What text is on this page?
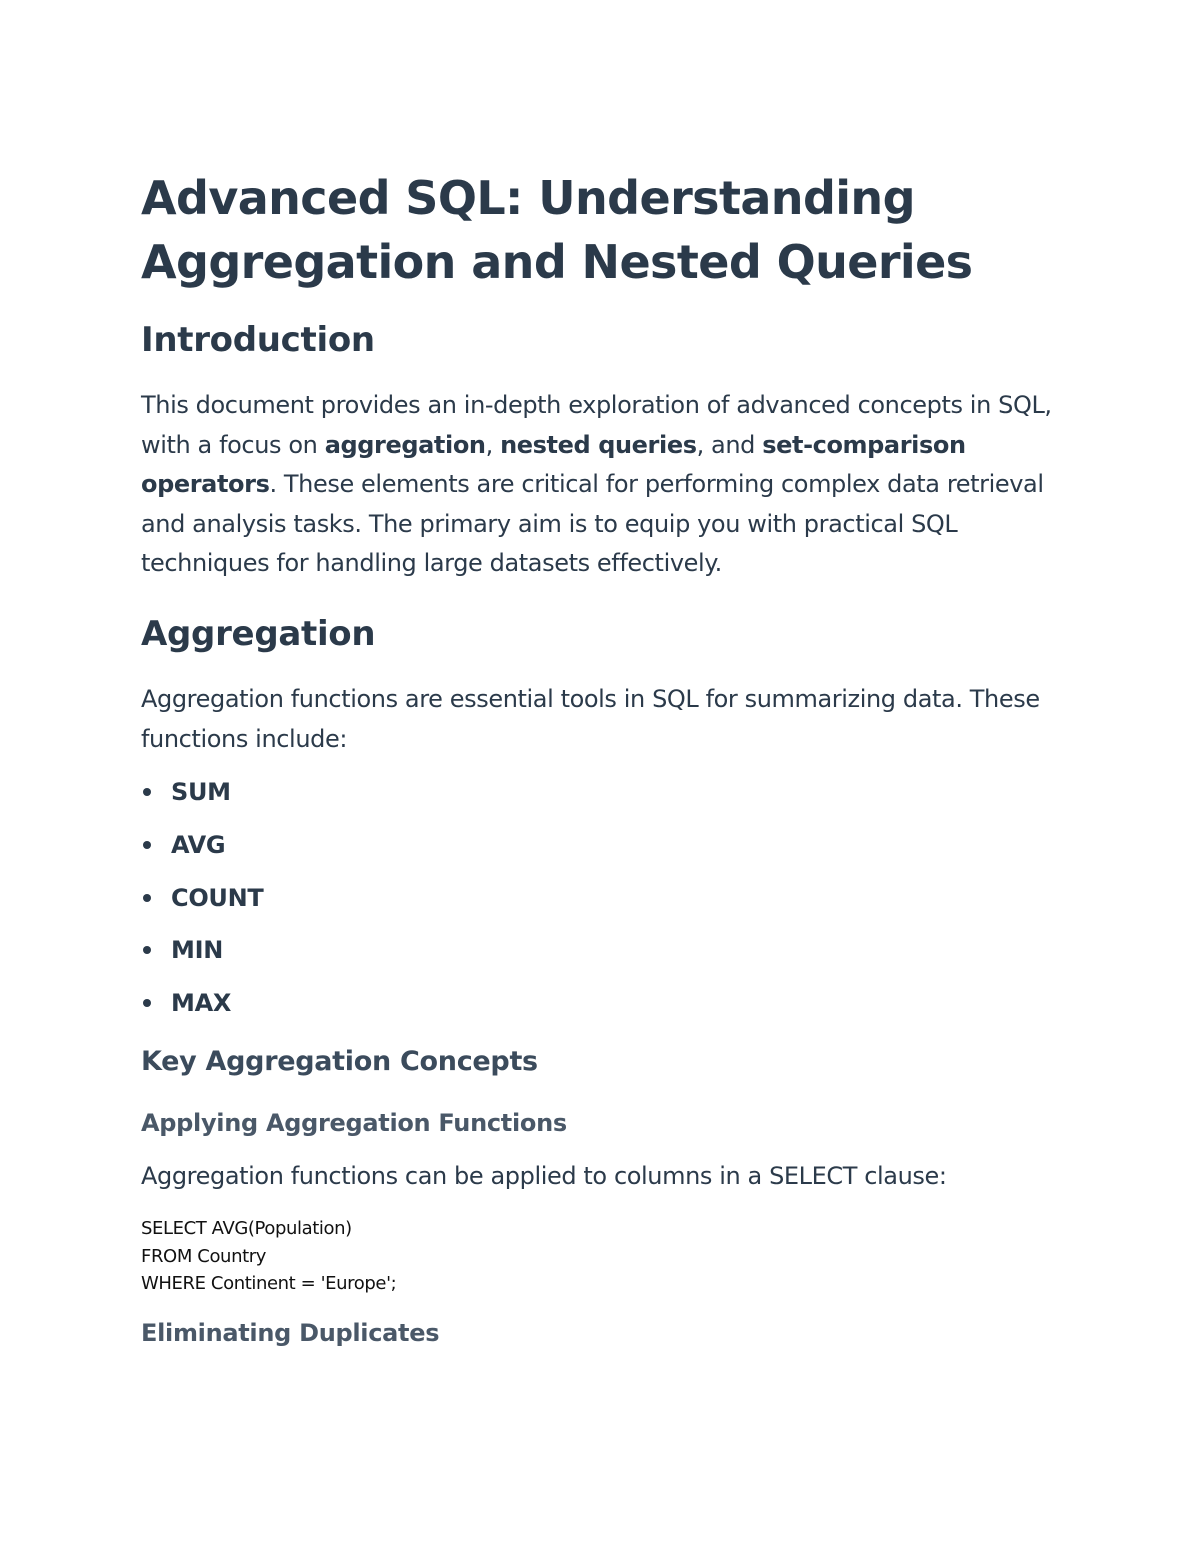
Advanced SQL: Understanding Aggregation and Nested Queries
Introduction

This document provides an in-depth exploration of advanced concepts in SQL, with a focus on aggregation, nested queries, and set-comparison operators. These elements are critical for performing complex data retrieval and analysis tasks. The primary aim is to equip you with practical SQL techniques for handling large datasets effectively.

Aggregation

Aggregation functions are essential tools in SQL for summarizing data. These functions include:

SUM
AVG
COUNT
MIN
MAX
Key Aggregation Concepts
Applying Aggregation Functions

Aggregation functions can be applied to columns in a SELECT clause:

SELECT AVG(Population)
FROM Country
WHERE Continent = 'Europe';
Eliminating Duplicates
